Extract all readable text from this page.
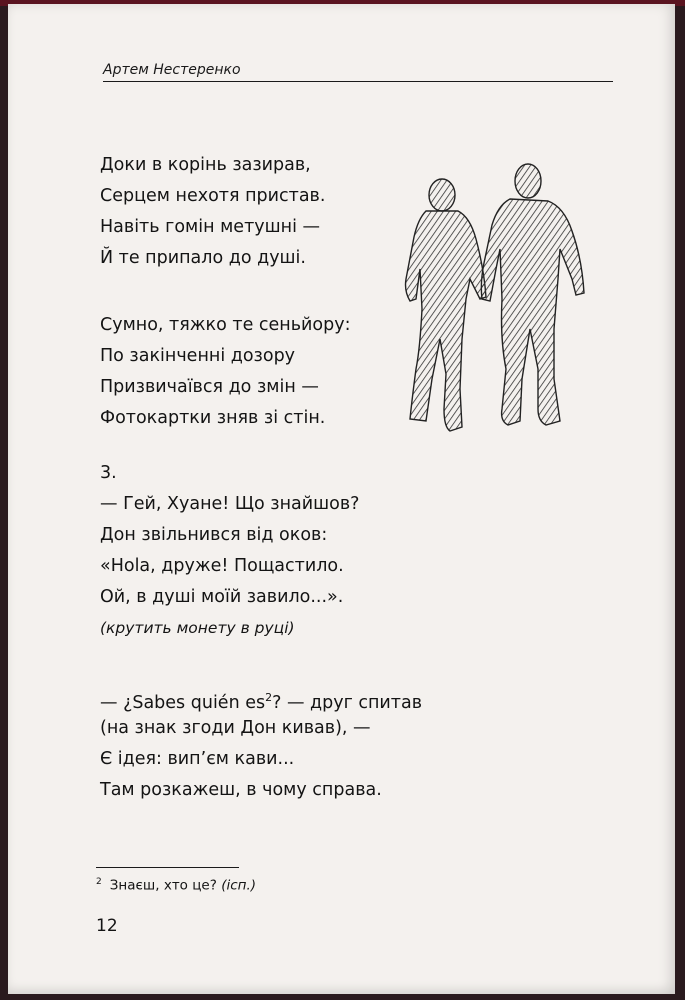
Артем Нестеренко
Доки в корінь зазирав,
Серцем нехотя пристав.
Навіть гомін метушні —
Й те припало до душі.
Сумно, тяжко те сеньйору:
По закінченні дозору
Призвичаївся до змін —
Фотокартки зняв зі стін.
3.
— Гей, Хуане! Що знайшов?
Дон звільнився від оков:
«Hola, друже! Пощастило.
Ой, в душі моїй завило...».
(крутить монету в руці)
— ¿Sabes quién $es^2$? — друг спитав
(на знак згоди Дон кивав), —
Є ідея: вип’єм кави...
Там розкажеш, в чому справа.
$^2$ Знаєш, хто це? (ісп.)
12
